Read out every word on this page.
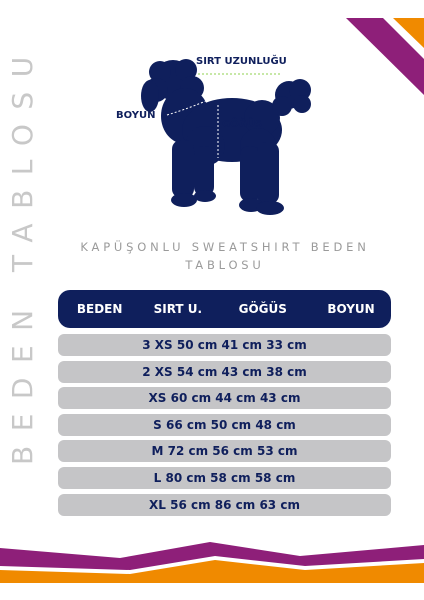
SIRT UZUNLUĞU
BOYUN
GÖĞÜS
BEDEN TABLOSU	KAPÜŞONLU SWEATSHIRT BEDEN TABLOSU
BEDEN	SIRT U.	GÖĞÜS	BOYUN
3 XS 50 cm 41 cm 33 cm
2 XS 54 cm 43 cm 38 cm
XS 60 cm 44 cm 43 cm
S 66 cm 50 cm 48 cm
M 72 cm 56 cm 53 cm
L 80 cm 58 cm 58 cm
XL 56 cm 86 cm 63 cm
